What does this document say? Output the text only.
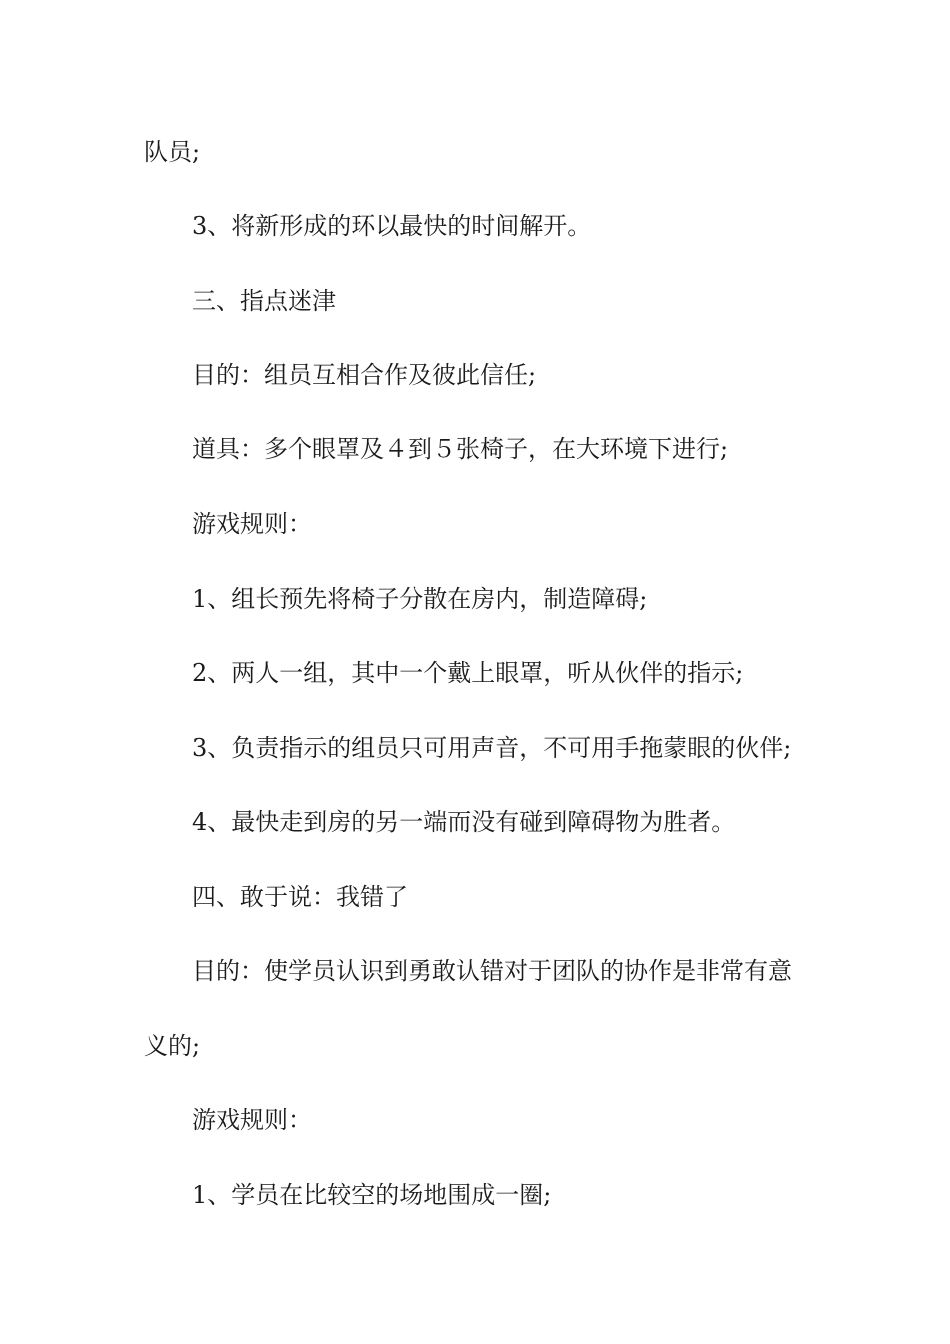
队员;

3、将新形成的环以最快的时间解开。

三、指点迷津

目的：组员互相合作及彼此信任;

道具：多个眼罩及４到５张椅子，在大环境下进行;

游戏规则：

1、组长预先将椅子分散在房内，制造障碍;

2、两人一组，其中一个戴上眼罩，听从伙伴的指示;

3、负责指示的组员只可用声音，不可用手拖蒙眼的伙伴;

4、最快走到房的另一端而没有碰到障碍物为胜者。

四、敢于说：我错了

目的：使学员认识到勇敢认错对于团队的协作是非常有意

义的;

游戏规则：

1、学员在比较空的场地围成一圈;
